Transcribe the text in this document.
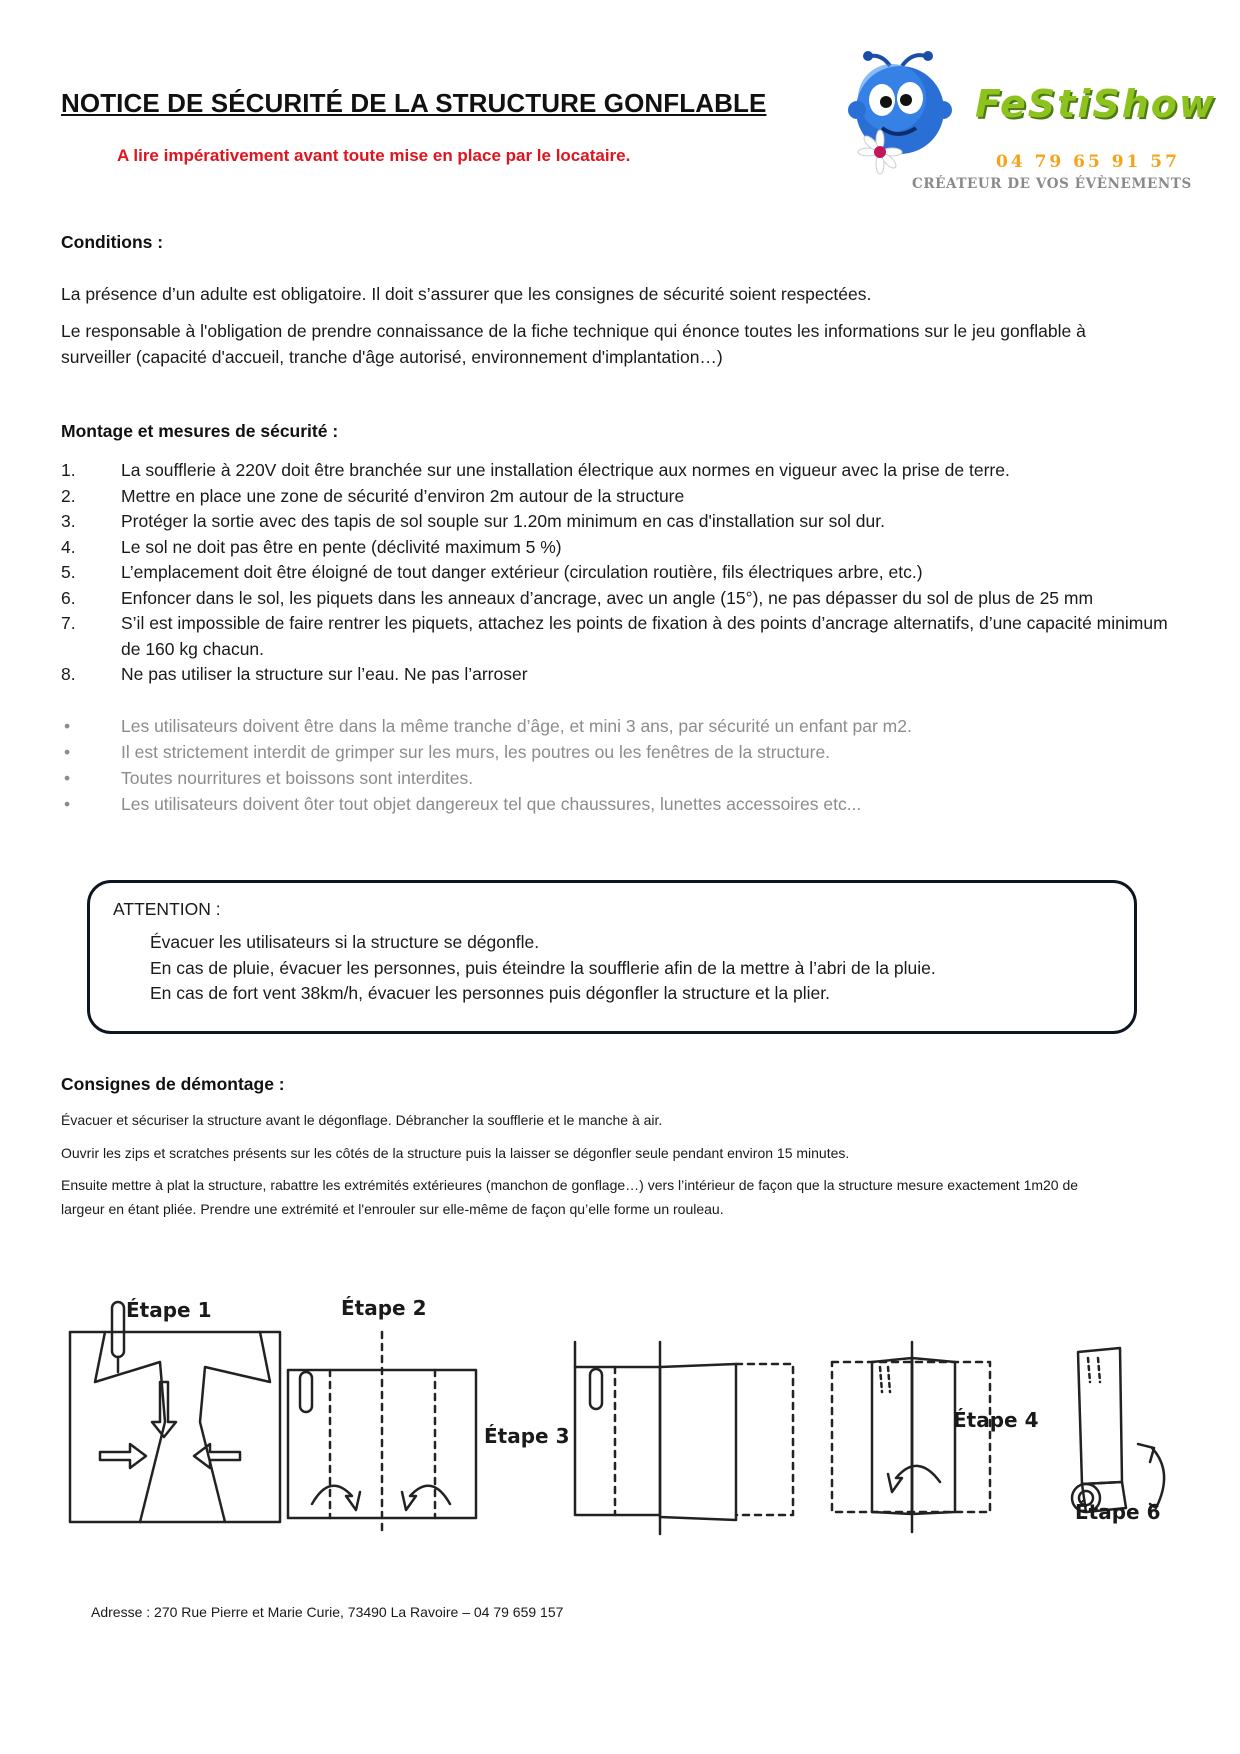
NOTICE DE SÉCURITÉ DE LA STRUCTURE GONFLABLE
A lire impérativement avant toute mise en place par le locataire.
FeStiShow
04 79 65 91 57
CRÉATEUR DE VOS ÉVÈNEMENTS
Conditions :
La présence d’un adulte est obligatoire. Il doit s’assurer que les consignes de sécurité soient respectées.
Le responsable à l'obligation de prendre connaissance de la fiche technique qui énonce toutes les informations sur le jeu gonflable à
surveiller (capacité d'accueil, tranche d'âge autorisé, environnement d'implantation…)
Montage et mesures de sécurité :
1.	La soufflerie à 220V doit être branchée sur une installation électrique aux normes en vigueur avec la prise de terre.
2.	Mettre en place une zone de sécurité d’environ 2m autour de la structure
3.	Protéger la sortie avec des tapis de sol souple sur 1.20m minimum en cas d'installation sur sol dur.
4.	Le sol ne doit pas être en pente (déclivité maximum 5 %)
5.	L’emplacement doit être éloigné de tout danger extérieur (circulation routière, fils électriques arbre, etc.)
6.	Enfoncer dans le sol, les piquets dans les anneaux d’ancrage, avec un angle (15°), ne pas dépasser du sol de plus de 25 mm
7.	S’il est impossible de faire rentrer les piquets, attachez les points de fixation à des points d’ancrage alternatifs, d’une capacité minimum de 160 kg chacun.
8.	Ne pas utiliser la structure sur l’eau. Ne pas l’arroser
• Les utilisateurs doivent être dans la même tranche d’âge, et mini 3 ans, par sécurité un enfant par m2.
• Il est strictement interdit de grimper sur les murs, les poutres ou les fenêtres de la structure.
• Toutes nourritures et boissons sont interdites.
• Les utilisateurs doivent ôter tout objet dangereux tel que chaussures, lunettes accessoires etc...
ATTENTION :
Évacuer les utilisateurs si la structure se dégonfle.
En cas de pluie, évacuer les personnes, puis éteindre la soufflerie afin de la mettre à l’abri de la pluie.
En cas de fort vent 38km/h, évacuer les personnes puis dégonfler la structure et la plier.
Consignes de démontage :
Évacuer et sécuriser la structure avant le dégonflage. Débrancher la soufflerie et le manche à air.
Ouvrir les zips et scratches présents sur les côtés de la structure puis la laisser se dégonfler seule pendant environ 15 minutes.
Ensuite mettre à plat la structure, rabattre les extrémités extérieures (manchon de gonflage…) vers l’intérieur de façon que la structure mesure exactement 1m20 de
largeur en étant pliée. Prendre une extrémité et l'enrouler sur elle-même de façon qu’elle forme un rouleau.
Étape 1	Étape 2
Étape 3
Étape 4
Étape 6
Adresse : 270 Rue Pierre et Marie Curie, 73490 La Ravoire – 04 79 659 157
